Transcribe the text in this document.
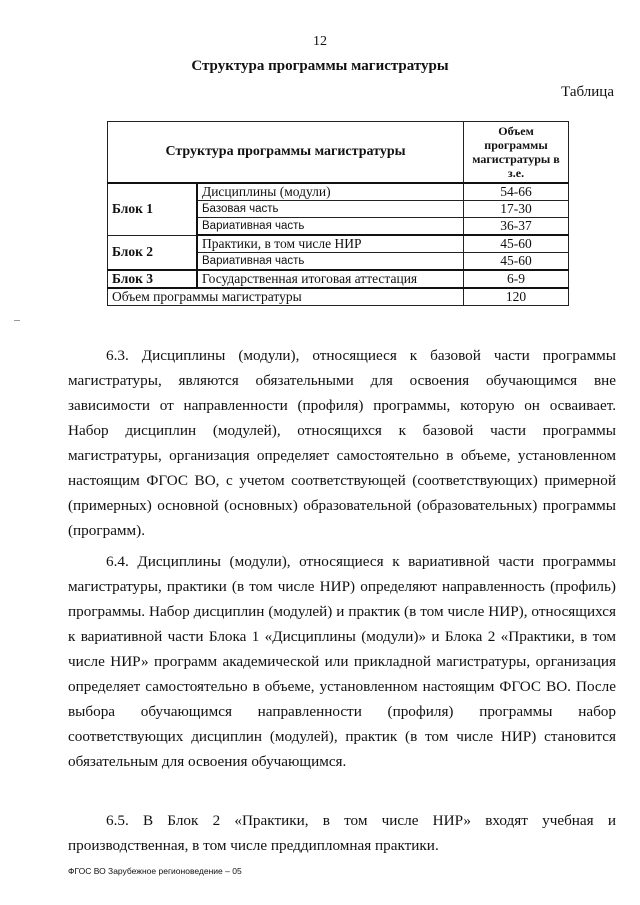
12
Структура программы магистратуры
Таблица
Структура программы магистратуры		Объем программы магистратуры в з.е.
Блок 1	Дисциплины (модули)	54-66
	Базовая часть	17-30
	Вариативная часть	36-37
Блок 2	Практики, в том числе НИР	45-60
	Вариативная часть	45-60
Блок 3	Государственная итоговая аттестация	6-9
Объем программы магистратуры		120

6.3. Дисциплины (модули), относящиеся к базовой части программы магистратуры, являются обязательными для освоения обучающимся вне зависимости от направленности (профиля) программы, которую он осваивает. Набор дисциплин (модулей), относящихся к базовой части программы магистратуры, организация определяет самостоятельно в объеме, установленном настоящим ФГОС ВО, с учетом соответствующей (соответствующих) примерной (примерных) основной (основных) образовательной (образовательных) программы (программ).

6.4. Дисциплины (модули), относящиеся к вариативной части программы магистратуры, практики (в том числе НИР) определяют направленность (профиль) программы. Набор дисциплин (модулей) и практик (в том числе НИР), относящихся к вариативной части Блока 1 «Дисциплины (модули)» и Блока 2 «Практики, в том числе НИР» программ академической или прикладной магистратуры, организация определяет самостоятельно в объеме, установленном настоящим ФГОС ВО. После выбора обучающимся направленности (профиля) программы набор соответствующих дисциплин (модулей), практик (в том числе НИР) становится обязательным для освоения обучающимся.

6.5. В Блок 2 «Практики, в том числе НИР» входят учебная и производственная, в том числе преддипломная практики.

ФГОС ВО Зарубежное регионоведение – 05
